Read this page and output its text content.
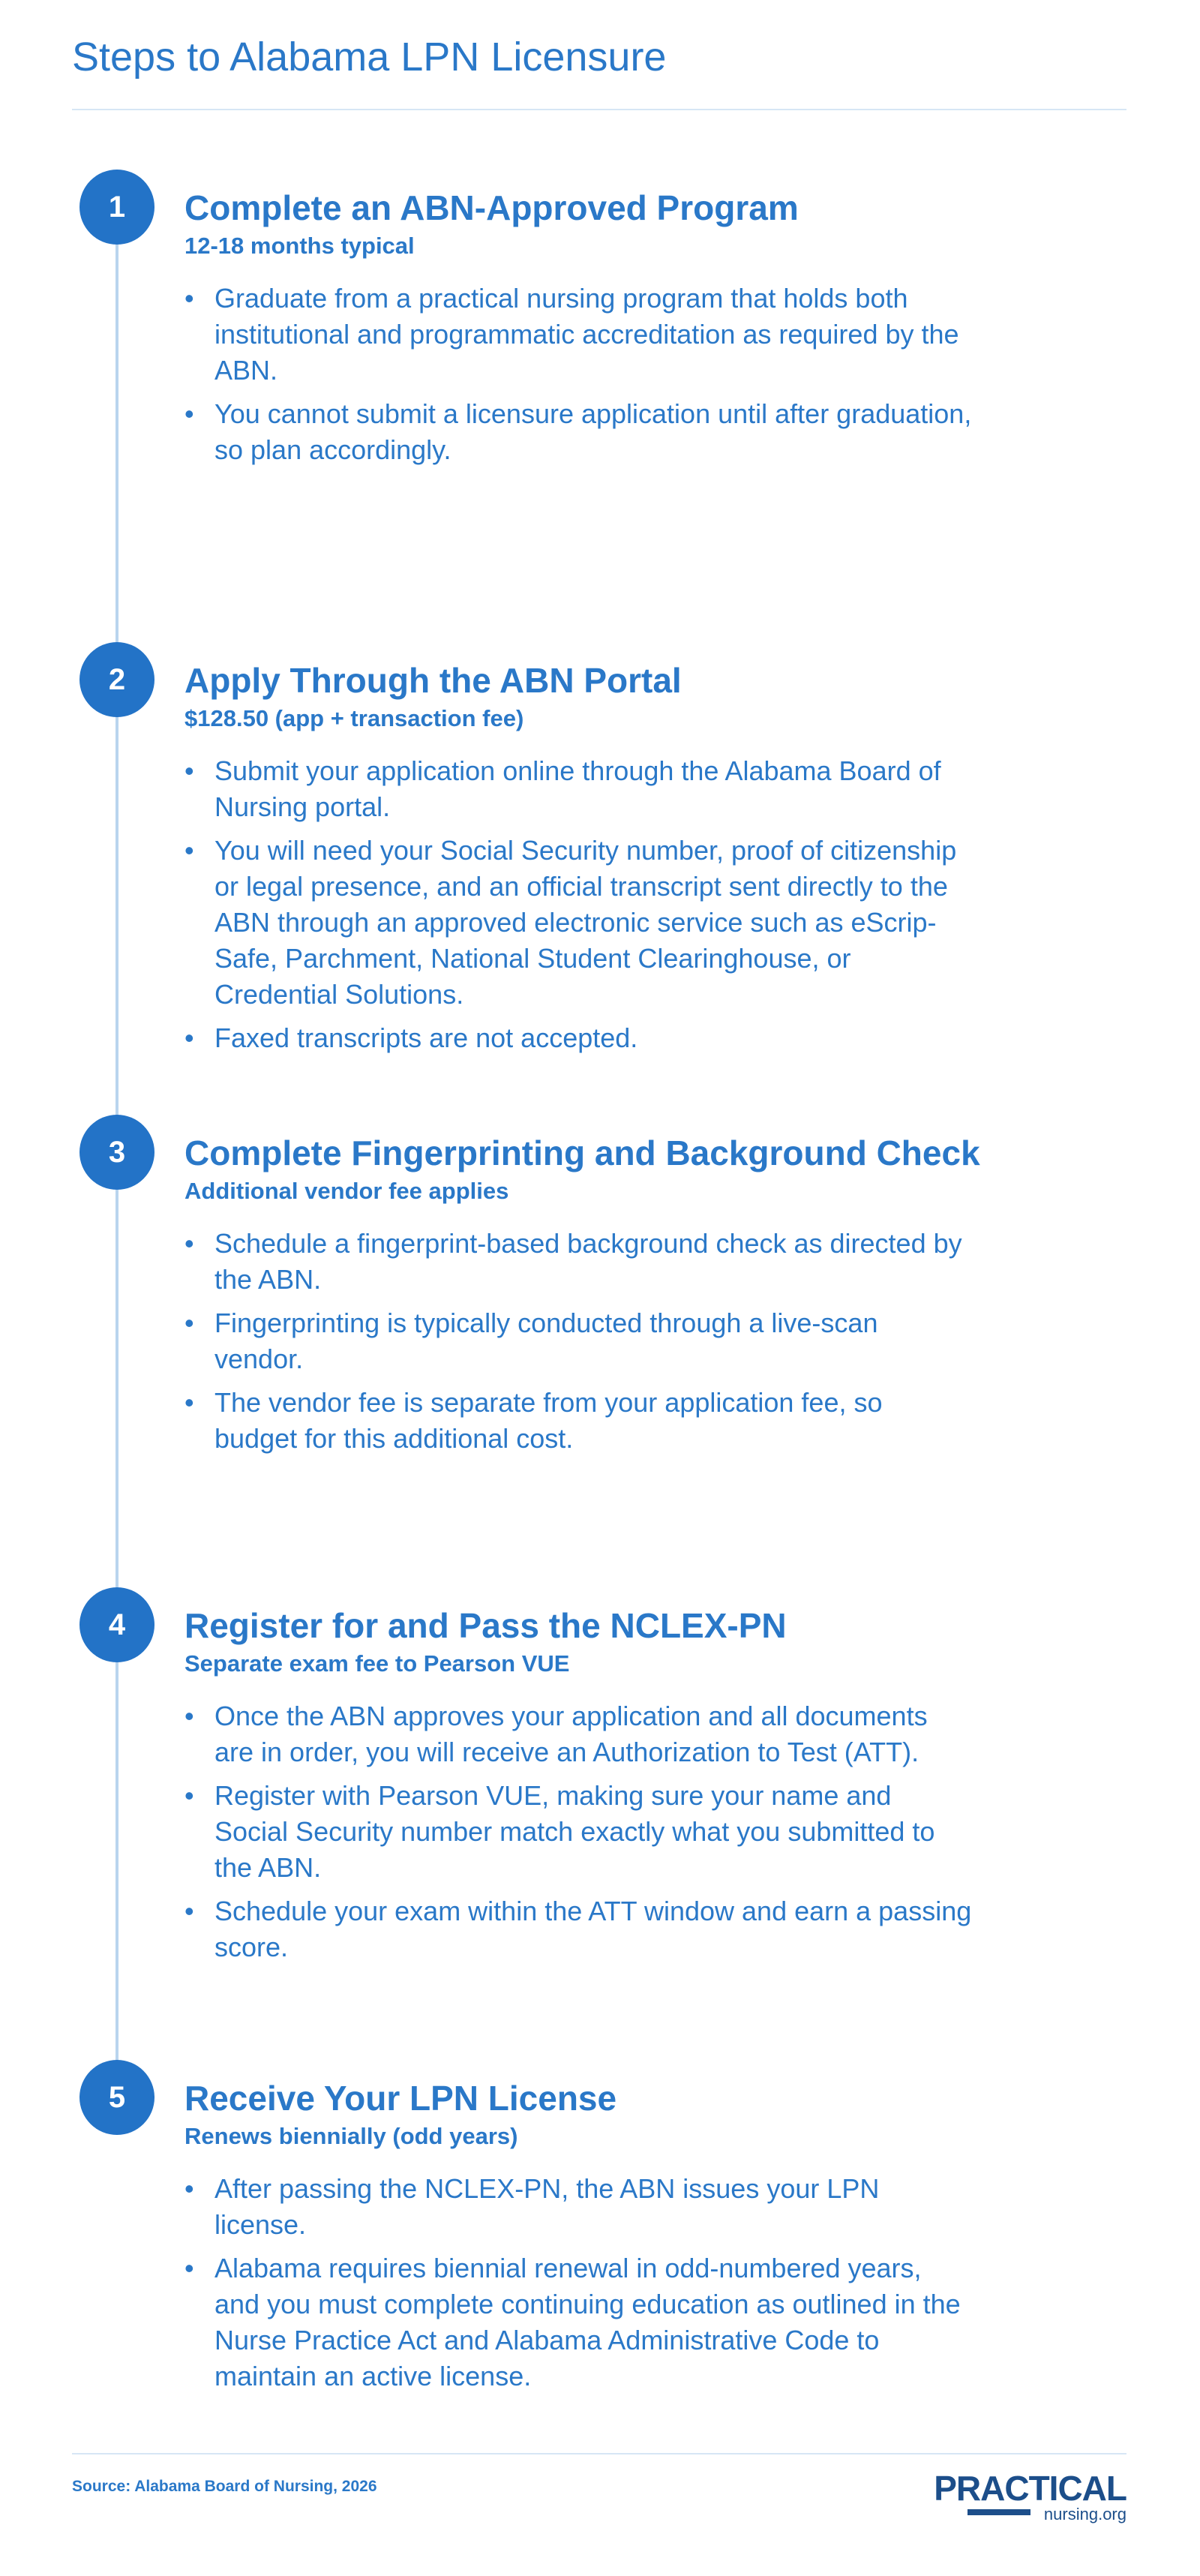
Steps to Alabama LPN Licensure
1	Complete an ABN-Approved Program

12-18 months typical

• Graduate from a practical nursing program that holds both institutional and programmatic accreditation as required by the ABN.
• You cannot submit a licensure application until after graduation, so plan accordingly.
2	Apply Through the ABN Portal

$128.50 (app + transaction fee)

• Submit your application online through the Alabama Board of Nursing portal.
• You will need your Social Security number, proof of citizenship or legal presence, and an official transcript sent directly to the ABN through an approved electronic service such as eScrip-Safe, Parchment, National Student Clearinghouse, or Credential Solutions.
• Faxed transcripts are not accepted.
3	Complete Fingerprinting and Background Check

Additional vendor fee applies

• Schedule a fingerprint-based background check as directed by the ABN.
• Fingerprinting is typically conducted through a live-scan vendor.
• The vendor fee is separate from your application fee, so budget for this additional cost.
4	Register for and Pass the NCLEX-PN

Separate exam fee to Pearson VUE

• Once the ABN approves your application and all documents are in order, you will receive an Authorization to Test (ATT).
• Register with Pearson VUE, making sure your name and Social Security number match exactly what you submitted to the ABN.
• Schedule your exam within the ATT window and earn a passing score.
5	Receive Your LPN License

Renews biennially (odd years)

• After passing the NCLEX-PN, the ABN issues your LPN license.
• Alabama requires biennial renewal in odd-numbered years, and you must complete continuing education as outlined in the Nurse Practice Act and Alabama Administrative Code to maintain an active license.
Source: Alabama Board of Nursing, 2026	PRACTICAL
nursing.org
